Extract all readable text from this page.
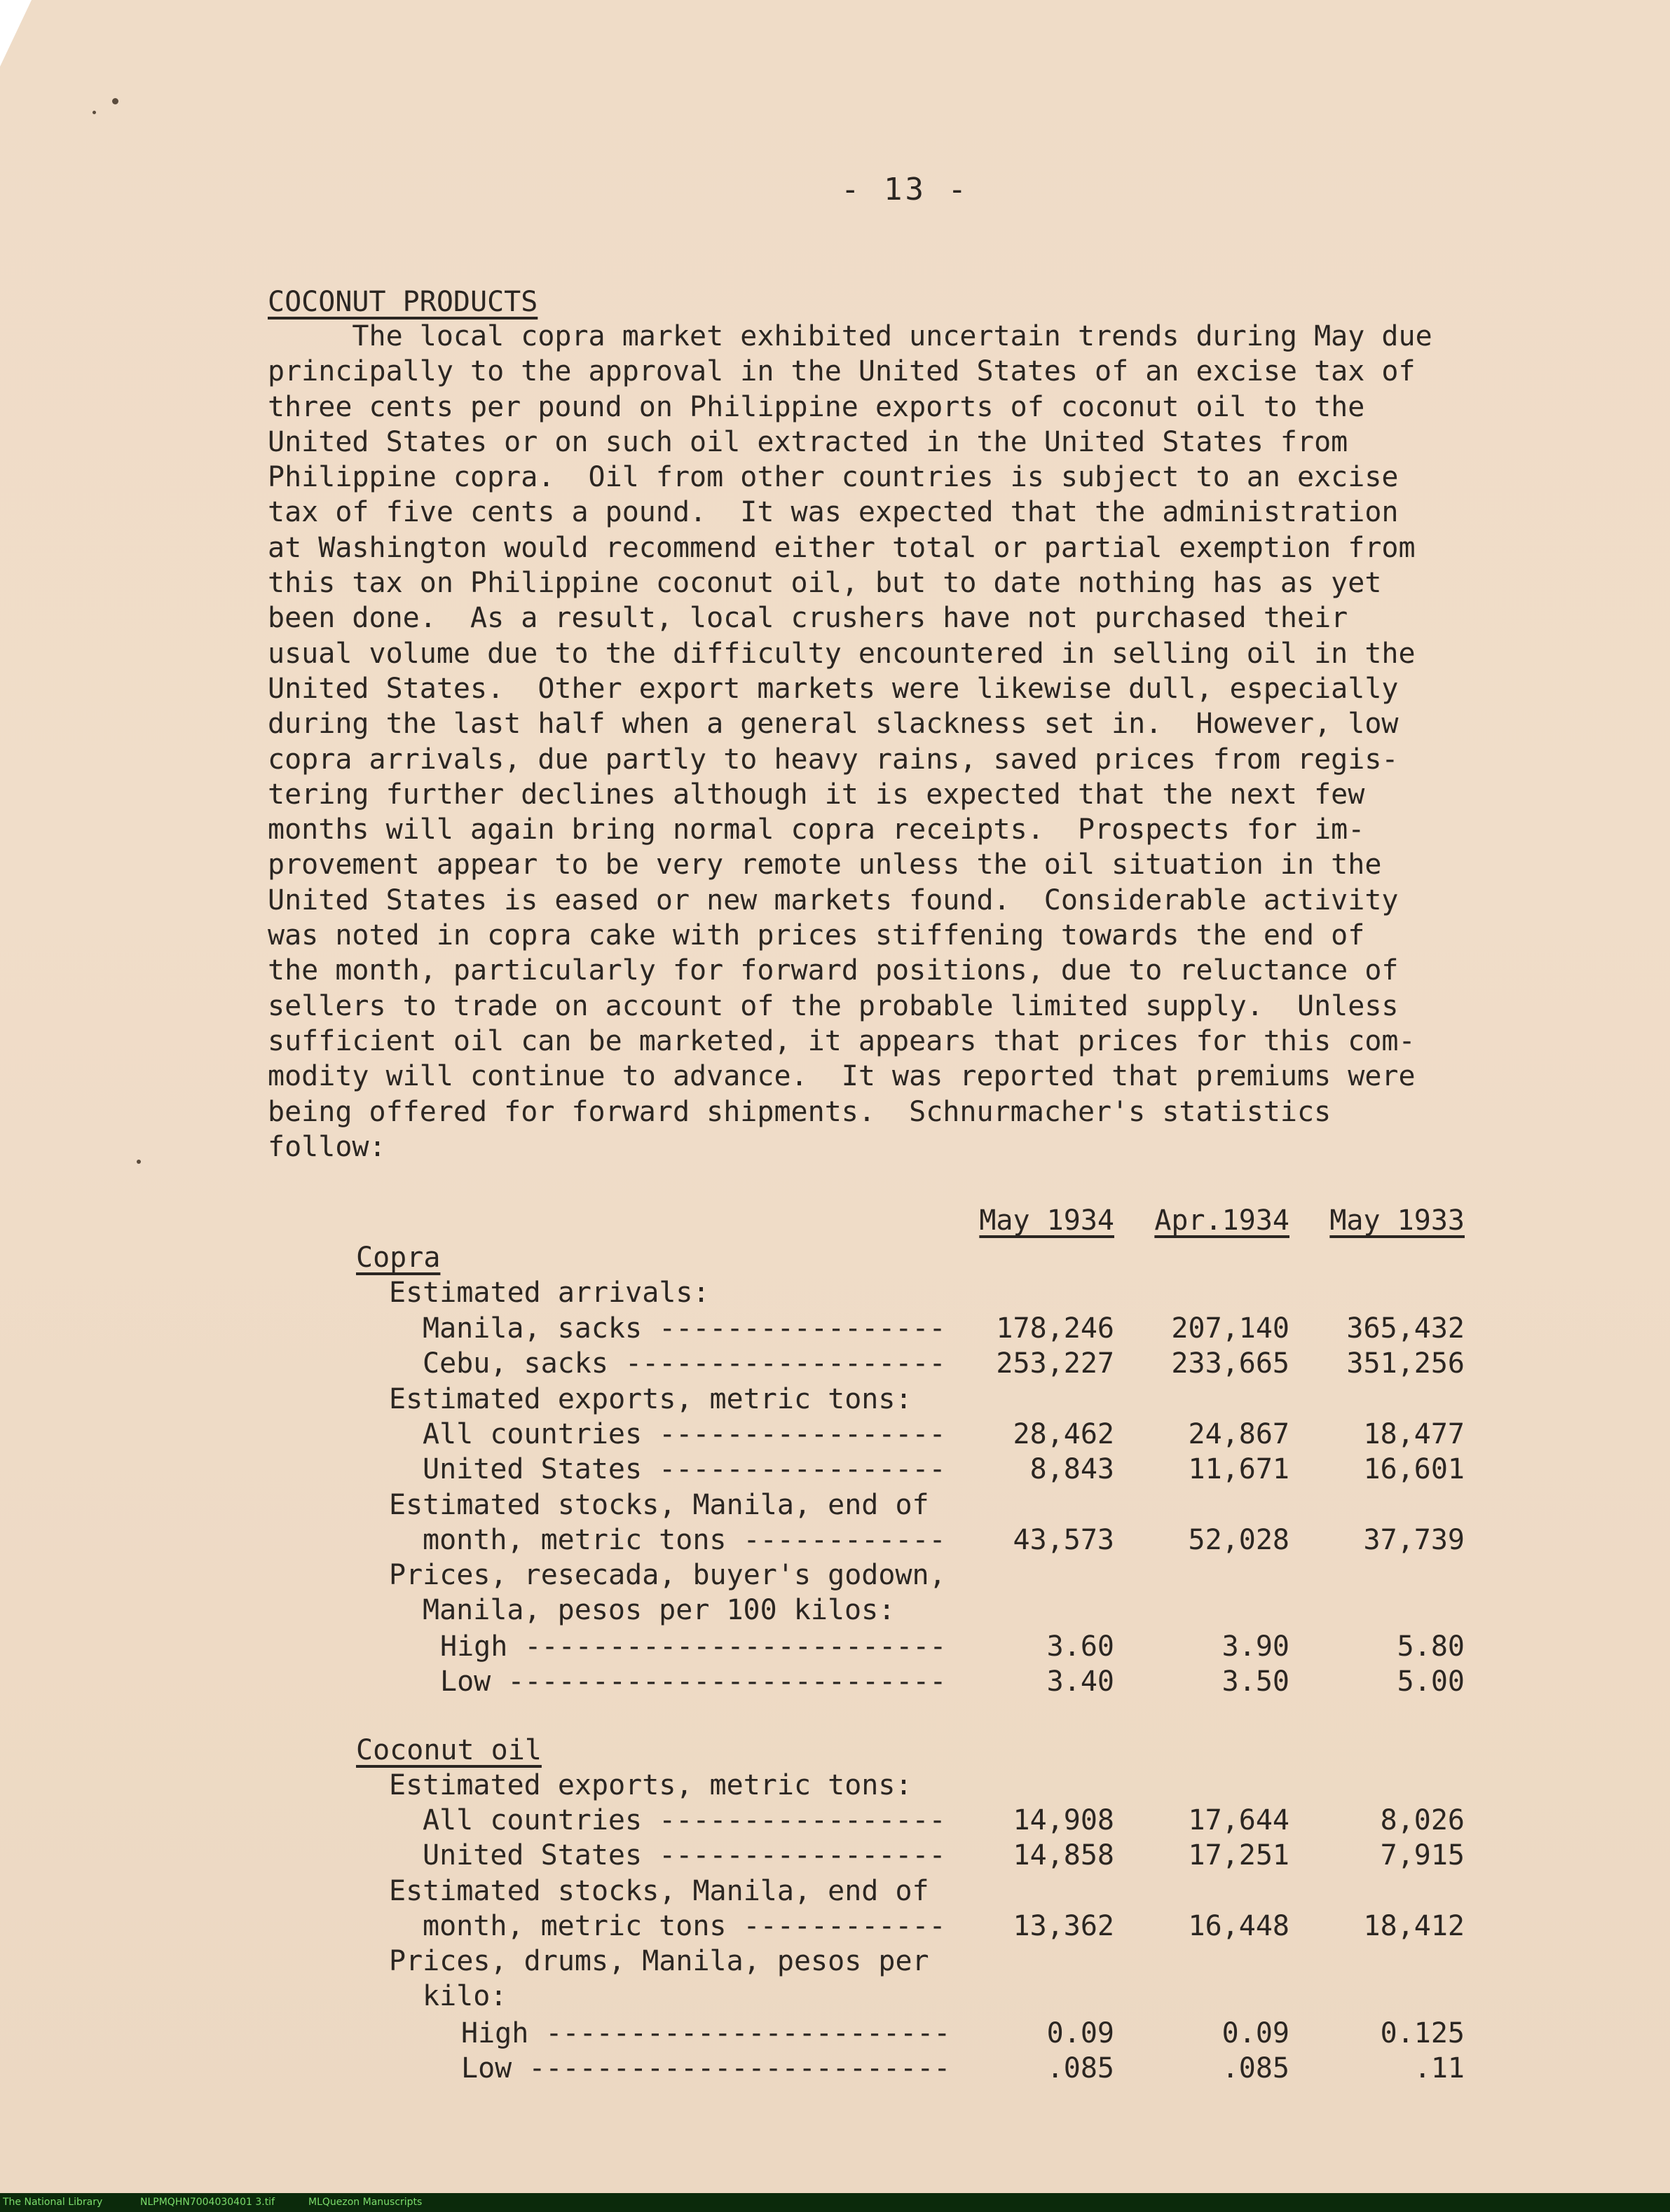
- 13 -
COCONUT PRODUCTS
The local copra market exhibited uncertain trends during May due
principally to the approval in the United States of an excise tax of
three cents per pound on Philippine exports of coconut oil to the
United States or on such oil extracted in the United States from
Philippine copra.  Oil from other countries is subject to an excise
tax of five cents a pound.  It was expected that the administration
at Washington would recommend either total or partial exemption from
this tax on Philippine coconut oil, but to date nothing has as yet
been done.  As a result, local crushers have not purchased their
usual volume due to the difficulty encountered in selling oil in the
United States.  Other export markets were likewise dull, especially
during the last half when a general slackness set in.  However, low
copra arrivals, due partly to heavy rains, saved prices from regis-
tering further declines although it is expected that the next few
months will again bring normal copra receipts.  Prospects for im-
provement appear to be very remote unless the oil situation in the
United States is eased or new markets found.  Considerable activity
was noted in copra cake with prices stiffening towards the end of
the month, particularly for forward positions, due to reluctance of
sellers to trade on account of the probable limited supply.  Unless
sufficient oil can be marketed, it appears that prices for this com-
modity will continue to advance.  It was reported that premiums were
being offered for forward shipments.  Schnurmacher's statistics
follow:
May 1934	Apr.1934	May 1933
Copra
Estimated arrivals:
Manila, sacks -----------------	178,246	207,140	365,432
Cebu, sacks -------------------	253,227	233,665	351,256
Estimated exports, metric tons:
All countries -----------------	28,462	24,867	18,477
United States -----------------	8,843	11,671	16,601
Estimated stocks, Manila, end of
month, metric tons ------------	43,573	52,028	37,739
Prices, resecada, buyer's godown,
Manila, pesos per 100 kilos:
High -------------------------	3.60	3.90	5.80
Low --------------------------	3.40	3.50	5.00
Coconut oil
Estimated exports, metric tons:
All countries -----------------	14,908	17,644	8,026
United States -----------------	14,858	17,251	7,915
Estimated stocks, Manila, end of
month, metric tons ------------	13,362	16,448	18,412
Prices, drums, Manila, pesos per
kilo:
High ------------------------	0.09	0.09	0.125
Low -------------------------	.085	.085	.11
The National Library	NLPMQHN7004030401 3.tif	MLQuezon Manuscripts
